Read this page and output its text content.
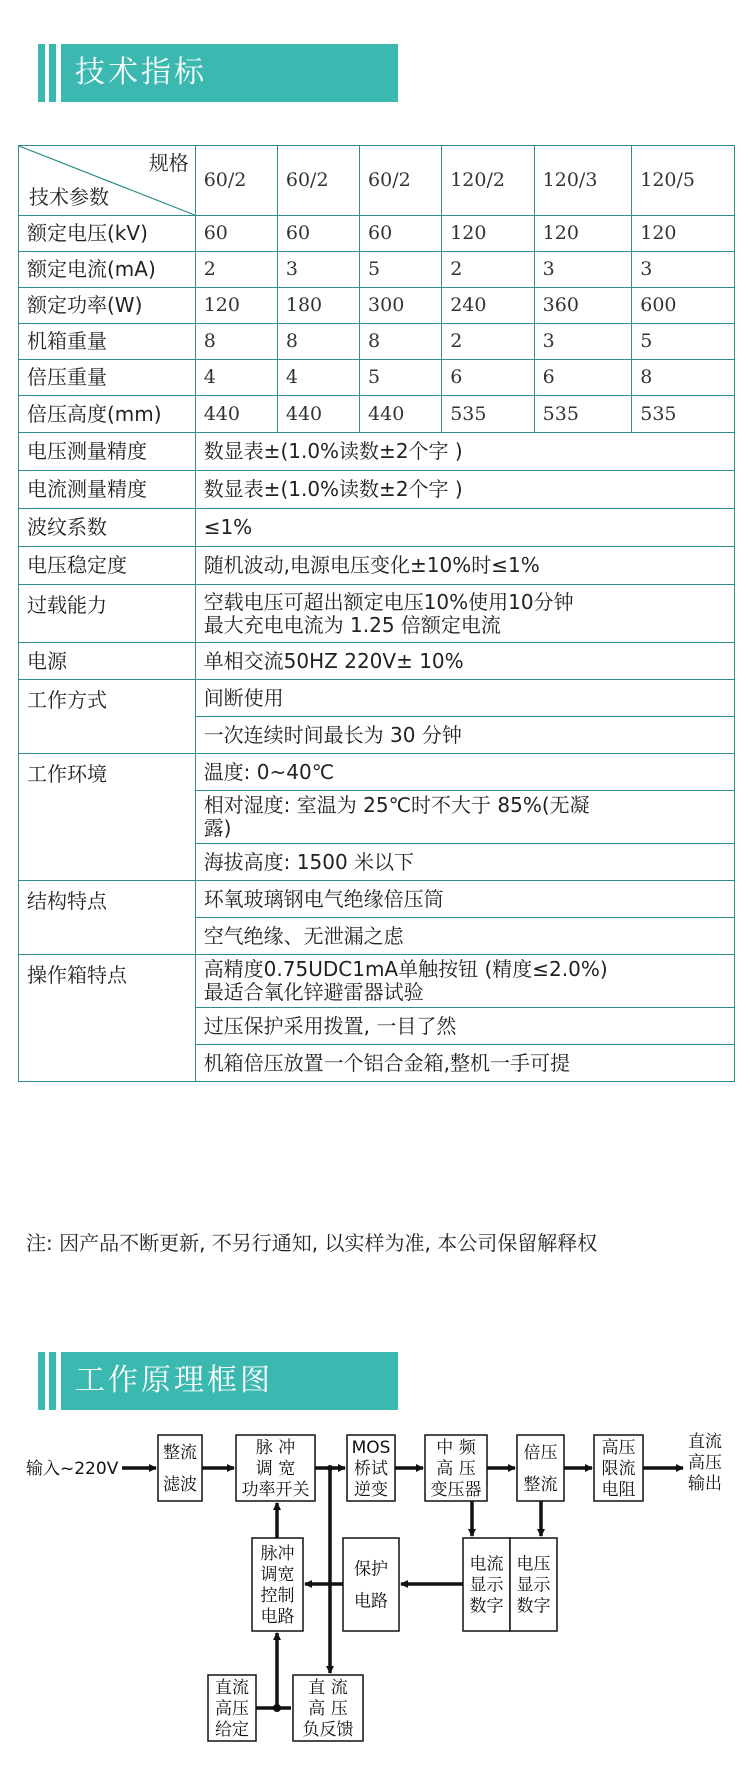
技术指标
规格
技术参数	60/2	60/2	60/2	120/2	120/3	120/5
额定电压(kV)	60	60	60	120	120	120
额定电流(mA)	2	3	5	2	3	3
额定功率(W)	120	180	300	240	360	600
机箱重量	8	8	8	2	3	5
倍压重量	4	4	5	6	6	8
倍压高度(mm)	440	440	440	535	535	535
电压测量精度	数显表±(1.0%读数±2个字 )					

电流测量精度	数显表±(1.0%读数±2个字 )					

波纹系数	≤1%					

电压稳定度	随机波动,电源电压变化±10%时≤1%					

过载能力	空载电压可超出额定电压10%使用10分钟
最大充电电流为 1.25 倍额定电流					

电源	单相交流50HZ 220V± 10%					

工作方式	间断使用					

	一次连续时间最长为 30 分钟					

工作环境	温度: 0~40℃					

	相对湿度: 室温为 25℃时不大于 85%(无凝
露)					

	海拔高度: 1500 米以下					

结构特点	环氧玻璃钢电气绝缘倍压筒					

	空气绝缘、无泄漏之虑					

操作箱特点	高精度0.75UDC1mA单触按钮 (精度≤2.0%)
最适合氧化锌避雷器试验					

	过压保护采用拨置, 一目了然					

	机箱倍压放置一个铝合金箱,整机一手可提					
注: 因产品不断更新, 不另行通知, 以实样为准, 本公司保留解释权
工作原理框图
整流
滤波
脉 冲
调 宽
功率开关
MOS
桥试
逆变
中 频
高 压
变压器
倍压
整流
高压
限流
电阻
脉冲
调宽
控制
电路
保护
电路
电流
显示
数字
电压
显示
数字
直流
高压
给定
直 流
高 压
负反馈
输入~220V
直流
高压
输出
